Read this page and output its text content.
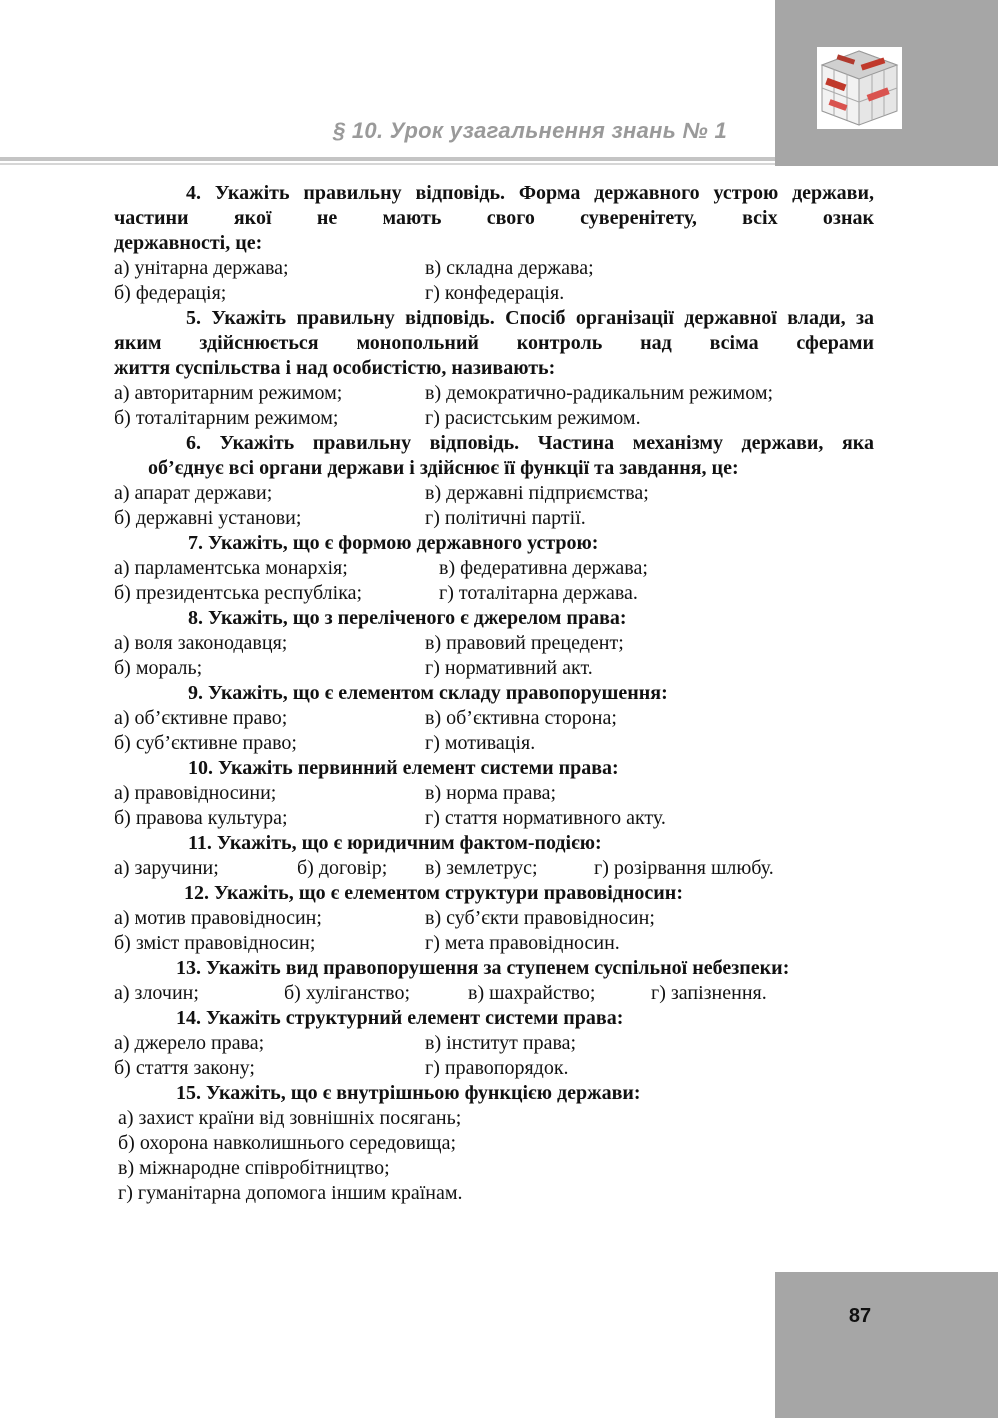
§ 10. Урок узагальнення знань № 1
4. Укажіть правильну відповідь. Форма державного устрою держави, частини якої не мають свого суверенітету, всіх ознак
державності, це:
а) унітарна держава;	в) складна держава;
б) федерація;	г) конфедерація.
5. Укажіть правильну відповідь. Спосіб організації державної влади, за яким здійснюється монопольний контроль над всіма сферами
життя суспільства і над особистістю, називають:
а) авторитарним режимом;	в) демократично-радикальним режимом;
б) тоталітарним режимом;	г) расистським режимом.
6. Укажіть правильну відповідь. Частина механізму держави, яка
об’єднує всі органи держави і здійснює її функції та завдання, це:
а) апарат держави;	в) державні підприємства;
б) державні установи;	г) політичні партії.
7. Укажіть, що є формою державного устрою:
а) парламентська монархія;	в) федеративна держава;
б) президентська республіка;	г) тоталітарна держава.
8. Укажіть, що з переліченого є джерелом права:
а) воля законодавця;	в) правовий прецедент;
б) мораль;	г) нормативний акт.
9. Укажіть, що є елементом складу правопорушення:
а) об’єктивне право;	в) об’єктивна сторона;
б) суб’єктивне право;	г) мотивація.
10. Укажіть первинний елемент системи права:
а) правовідносини;	в) норма права;
б) правова культура;	г) стаття нормативного акту.
11. Укажіть, що є юридичним фактом-подією:
а) заручини;	б) договір; в) землетрус;	г) розірвання шлюбу.
12. Укажіть, що є елементом структури правовідносин:
а) мотив правовідносин;	в) суб’єкти правовідносин;
б) зміст правовідносин;	г) мета правовідносин.
13. Укажіть вид правопорушення за ступенем суспільної небезпеки:
а) злочин;	б) хуліганство;	в) шахрайство;	г) запізнення.
14. Укажіть структурний елемент системи права:
а) джерело права;	в) інститут права;
б) стаття закону;	г) правопорядок.
15. Укажіть, що є внутрішньою функцією держави:
а) захист країни від зовнішніх посягань;
б) охорона навколишнього середовища;
в) міжнародне співробітництво;
г) гуманітарна допомога іншим країнам.
87
